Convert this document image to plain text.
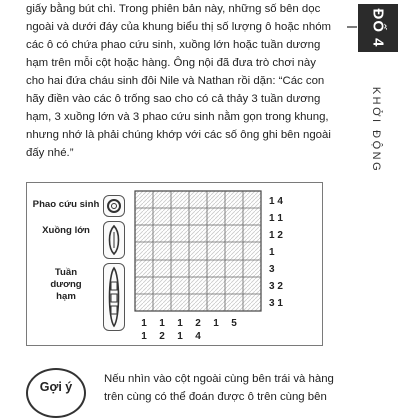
ĐỐ 4
KHỞI ĐỘNG

giấy bằng bút chì. Trong phiên bản này, những số bên dọc
ngoài và dưới đáy của khung biểu thị số lượng ô hoặc nhóm
các ô có chứa phao cứu sinh, xuồng lớn hoặc tuần dương
hạm trên mỗi cột hoặc hàng. Ông nội đã đưa trò chơi này
cho hai đứa cháu sinh đôi Nile và Nathan rồi dặn: “Các con
hãy điền vào các ô trống sao cho có cả thảy 3 tuần dương
hạm, 3 xuồng lớn và 3 phao cứu sinh nằm gọn trong khung,
nhưng nhớ là phải chúng khớp với các số ông ghi bên ngoài
đấy nhé.”

Phao cứu sinh
Xuồng lớn
Tuần
dương
hạm
1 4
1 1
1 2
1
3
3 2
3 1
1
1
1
2
1
1
2
4
1	5
Gợi ý
Nếu nhìn vào cột ngoài cùng bên trái và hàng
trên cùng có thể đoán được ô trên cùng bên
